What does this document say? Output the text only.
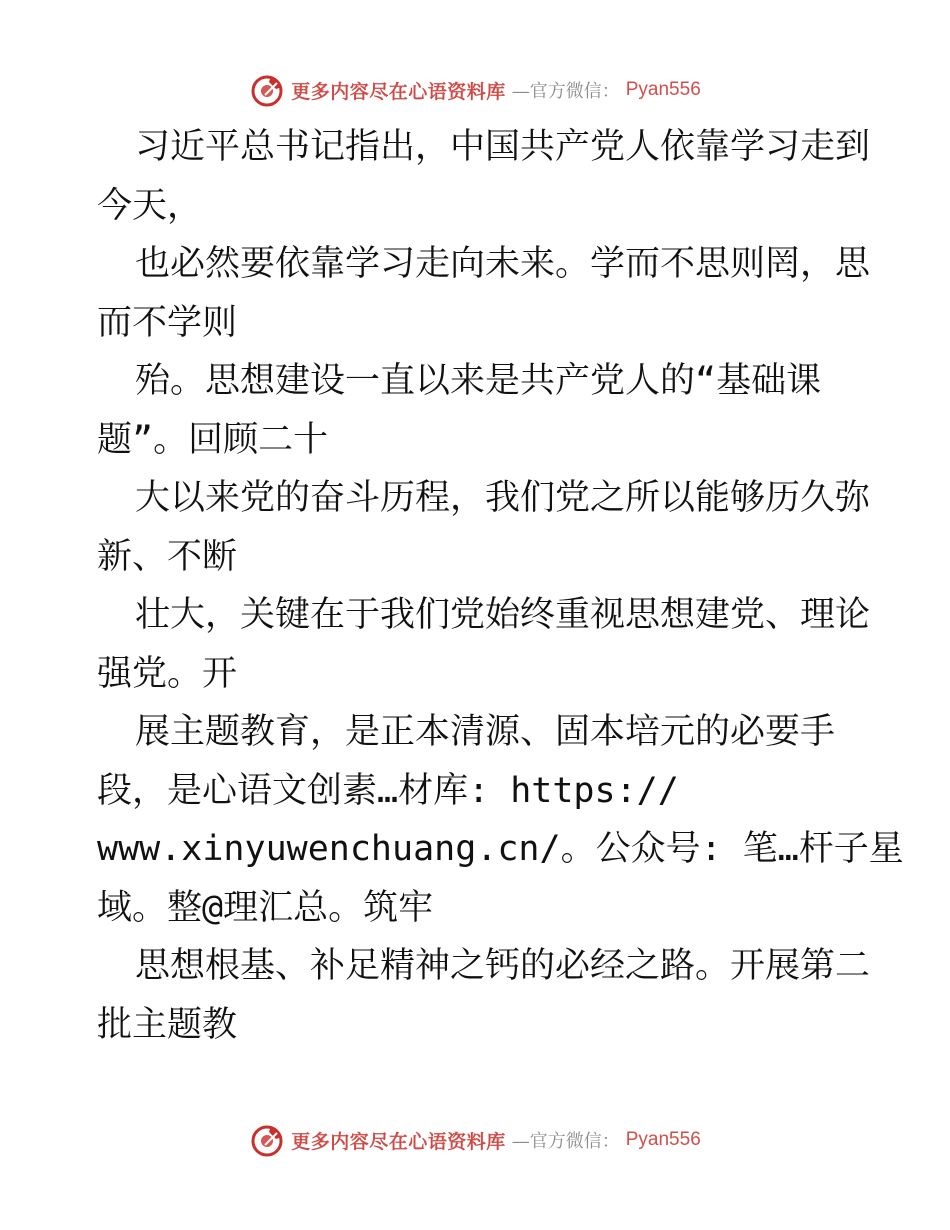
更多内容尽在心语资料库 —官方微信： Pyan556

习近平总书记指出，中国共产党人依靠学习走到

今天，

也必然要依靠学习走向未来。学而不思则罔，思

而不学则

殆。思想建设一直以来是共产党人的“基础课

题”。回顾二十

大以来党的奋斗历程，我们党之所以能够历久弥

新、不断

壮大，关键在于我们党始终重视思想建党、理论

强党。开

展主题教育，是正本清源、固本培元的必要手

段，是心语文创素…材库: https://

www.xinyuwenchuang.cn/。公众号: 笔…杆子星

域。整@理汇总。筑牢

思想根基、补足精神之钙的必经之路。开展第二

批主题教

更多内容尽在心语资料库 —官方微信： Pyan556
